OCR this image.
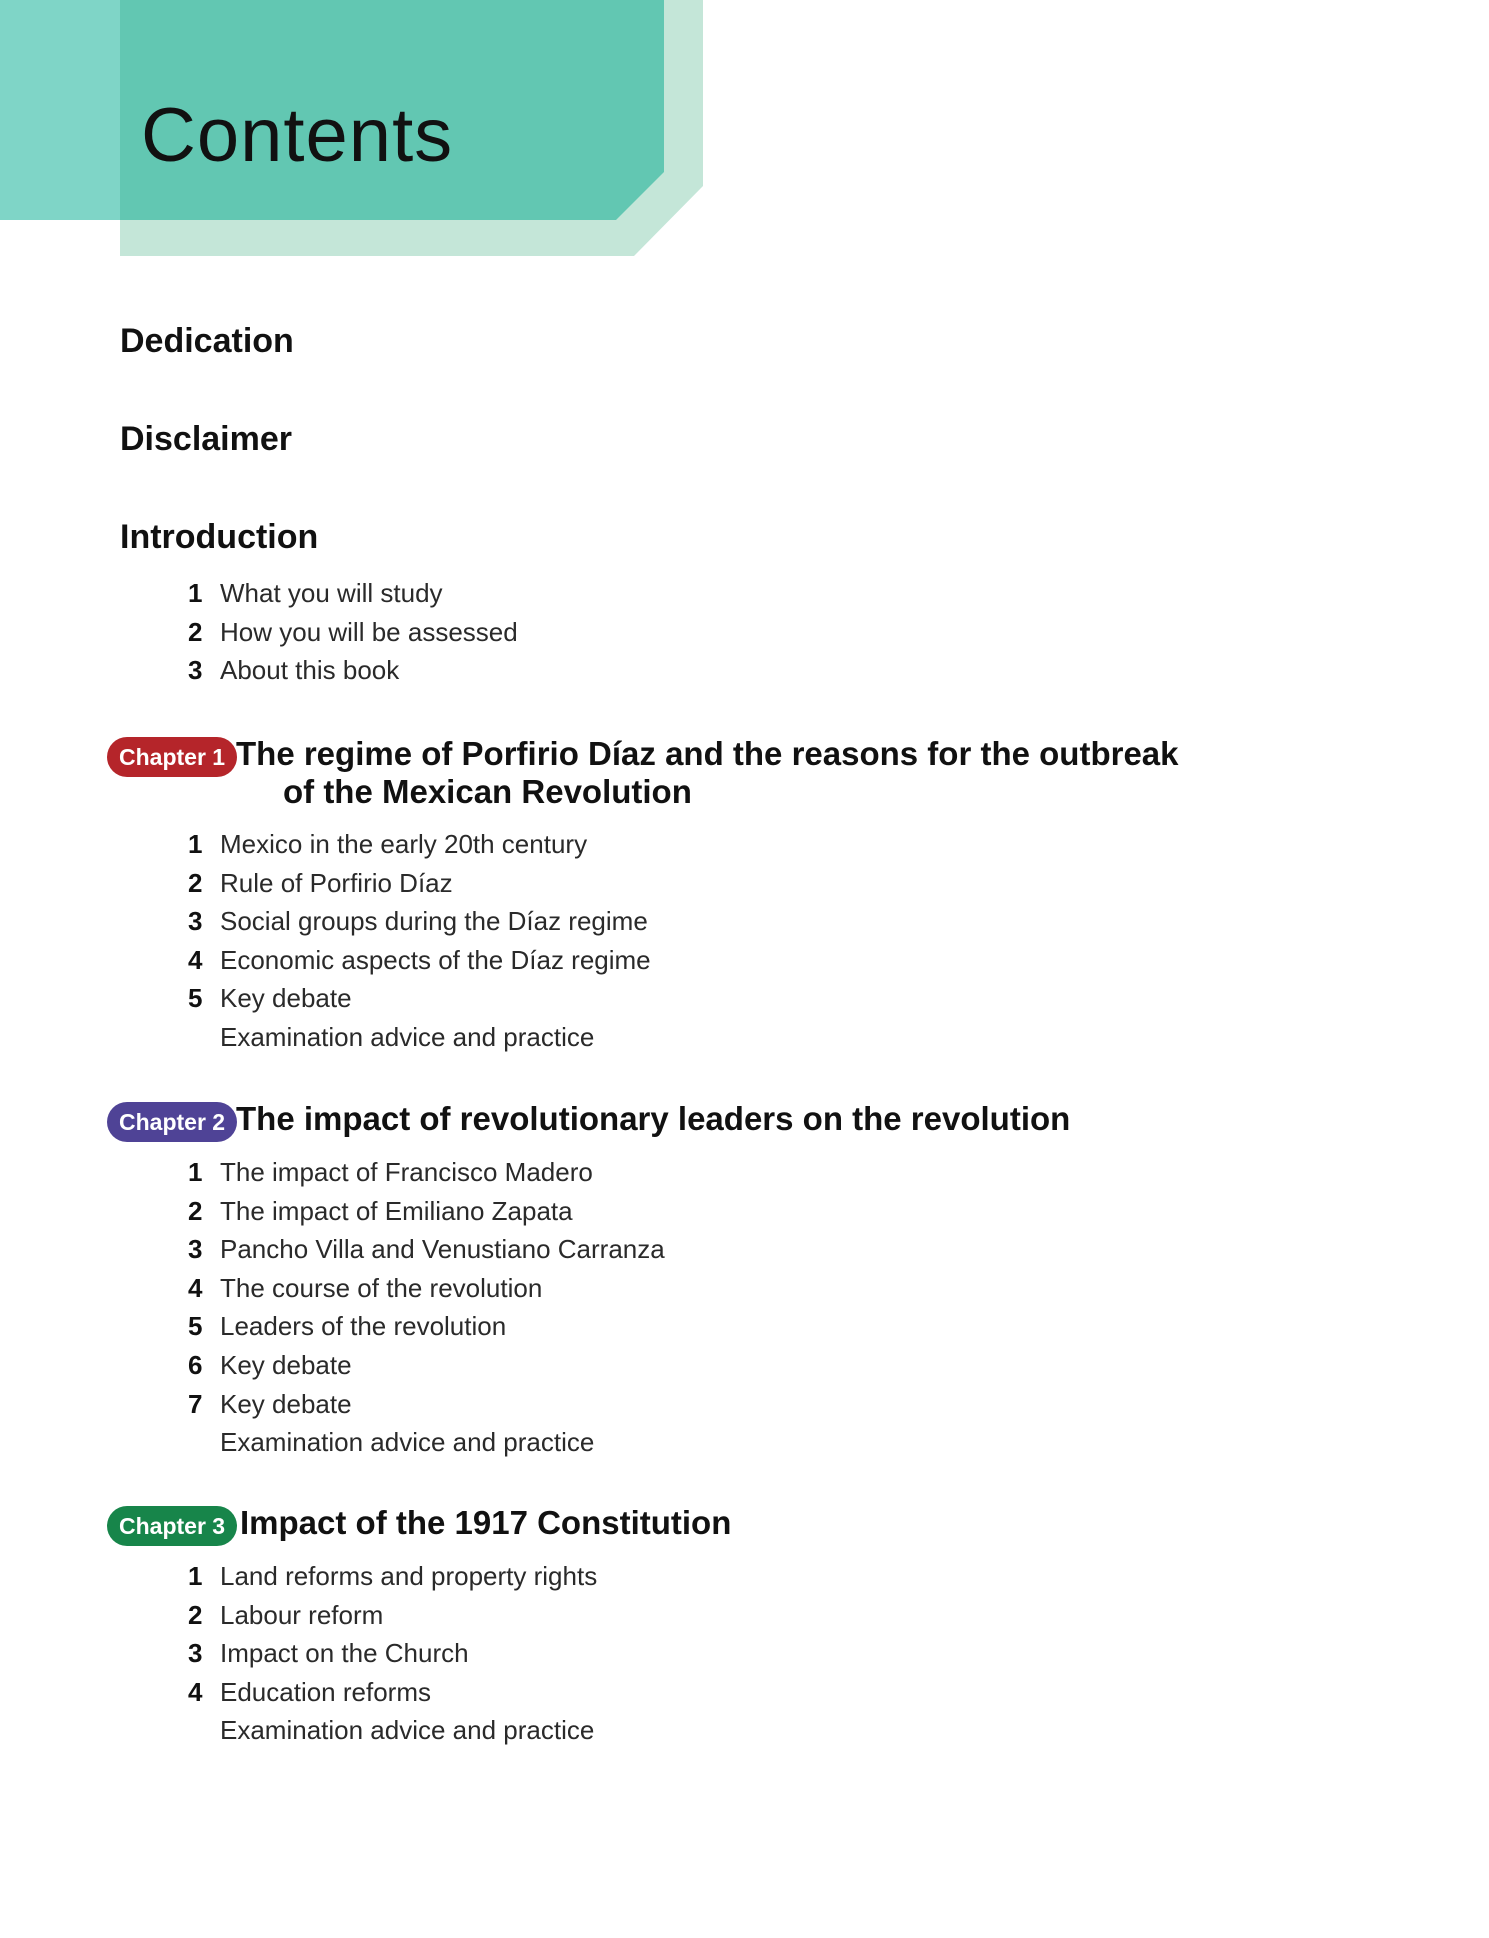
Contents
Dedication
Disclaimer
Introduction
1 What you will study
2 How you will be assessed
3 About this book
Chapter 1 The regime of Porfirio Díaz and the reasons for the outbreak
of the Mexican Revolution
1 Mexico in the early 20th century
2 Rule of Porfirio Díaz
3 Social groups during the Díaz regime
4 Economic aspects of the Díaz regime
5 Key debate
Examination advice and practice
Chapter 2 The impact of revolutionary leaders on the revolution
1 The impact of Francisco Madero
2 The impact of Emiliano Zapata
3 Pancho Villa and Venustiano Carranza
4 The course of the revolution
5 Leaders of the revolution
6 Key debate
7 Key debate
Examination advice and practice
Chapter 3 Impact of the 1917 Constitution
1 Land reforms and property rights
2 Labour reform
3 Impact on the Church
4 Education reforms
Examination advice and practice
